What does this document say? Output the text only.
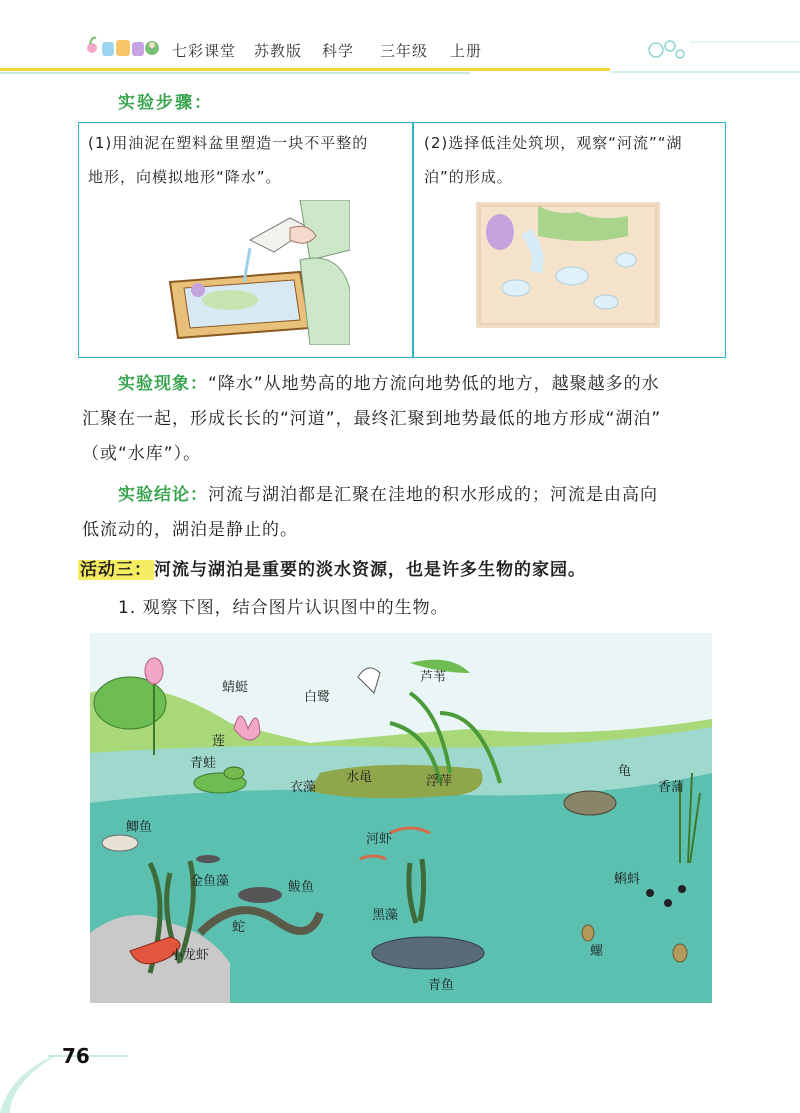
七彩课堂 苏教版 科学 三年级 上册
实验步骤：
(1)用油泥在塑料盆里塑造一块不平整的
地形，向模拟地形“降水”。
(2)选择低洼处筑坝，观察“河流”“湖
泊”的形成。
实验现象：“降水”从地势高的地方流向地势低的地方，越聚越多的水
汇聚在一起，形成长长的“河道”，最终汇聚到地势最低的地方形成“湖泊”
（或“水库”）。
实验结论：河流与湖泊都是汇聚在洼地的积水形成的；河流是由高向
低流动的，湖泊是静止的。
活动三： 河流与湖泊是重要的淡水资源，也是许多生物的家园。
1. 观察下图，结合图片认识图中的生物。
白鹭
蜻蜓
莲
青蛙
芦苇
水黾	浮萍
衣藻
龟
香蒲
鲫鱼
河虾
金鱼藻	鲅鱼
蛇
黑藻
蝌蚪
小龙虾	螺
青鱼
76
